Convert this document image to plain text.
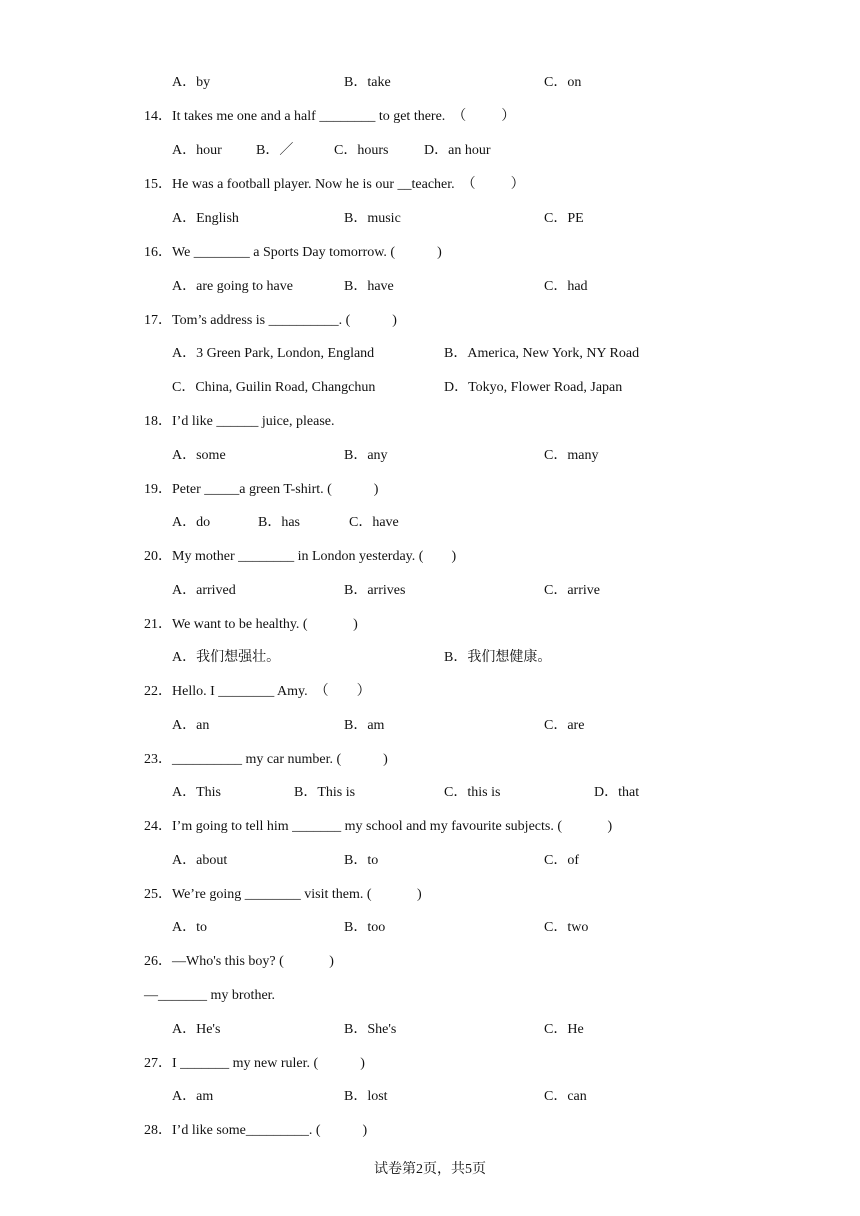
A．by	B．take	C．on
14．It takes me one and a half ________ to get there.  （          ）
A．hour B．／	C．hours	D．an hour
15．He was a football player. Now he is our __teacher.  （          ）
A．English	B．music	C．PE
16．We ________ a Sports Day tomorrow. (            )
A．are going to have	B．have	C．had
17．Tom’s address is __________. (            )
A．3 Green Park, London, England	B．America, New York, NY Road
C．China, Guilin Road, Changchun	D．Tokyo, Flower Road, Japan
18．I’d like ______ juice, please.
A．some	B．any	C．many
19．Peter _____a green T-shirt. (            )
A．do	B．has	C．have
20．My mother ________ in London yesterday. (        )
A．arrived	B．arrives	C．arrive
21．We want to be healthy. (             )
A．我们想强壮。	B．我们想健康。
22．Hello. I ________ Amy.  （        ）
A．an	B．am	C．are
23．__________ my car number. (            )
A．This	B．This is	C．this is	D．that
24．I’m going to tell him _______ my school and my favourite subjects. (             )
A．about	B．to	C．of
25．We’re going ________ visit them. (             )
A．to	B．too	C．two
26．—Who's this boy? (             )
—_______ my brother.
A．He's	B．She's	C．He
27．I _______ my new ruler. (            )
A．am	B．lost	C．can
28．I’d like some_________. (            )
试卷第2页，共5页
